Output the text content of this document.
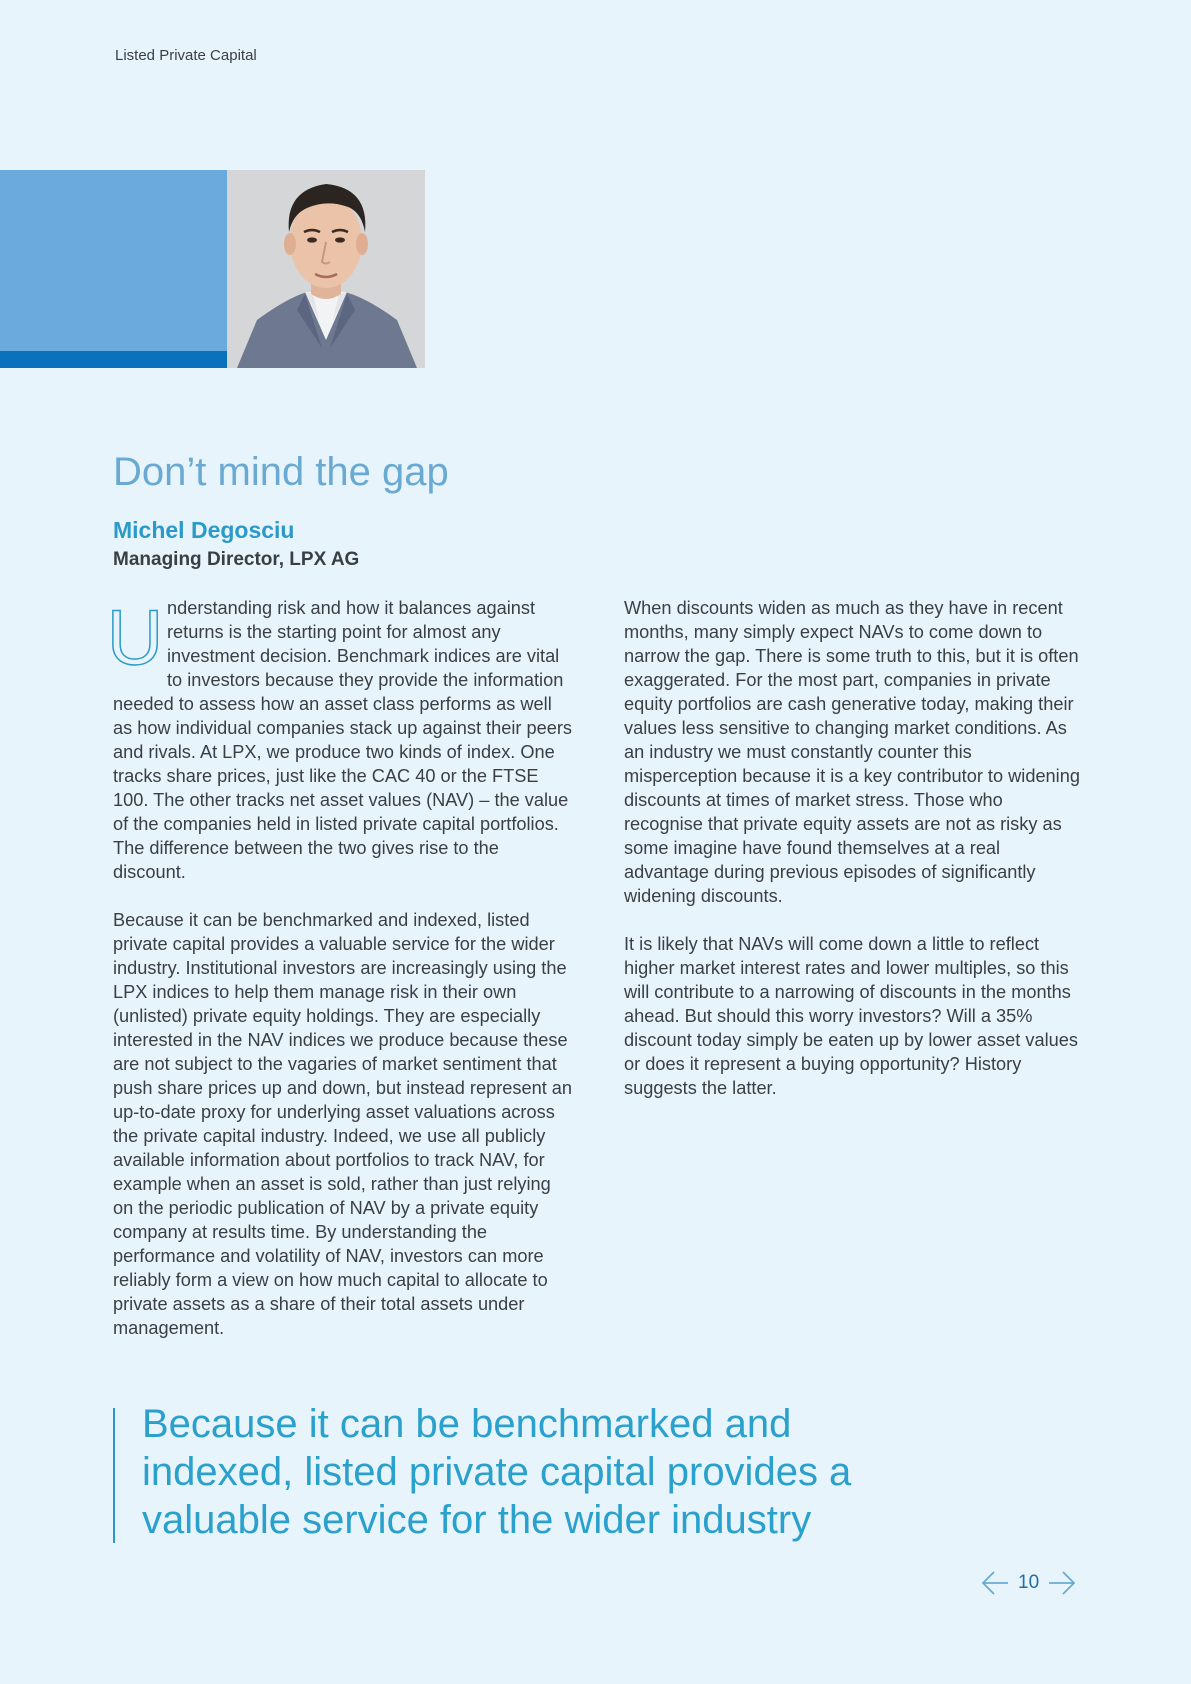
Listed Private Capital
Don’t mind the gap
Michel Degosciu
Managing Director, LPX AG

U nderstanding risk and how it balances against returns is the starting point for almost any investment decision. Benchmark indices are vital to investors because they provide the information needed to assess how an asset class performs as well as how individual companies stack up against their peers and rivals. At LPX, we produce two kinds of index. One tracks share prices, just like the CAC 40 or the FTSE 100. The other tracks net asset values (NAV) – the value of the companies held in listed private capital portfolios. The difference between the two gives rise to the discount.

Because it can be benchmarked and indexed, listed private capital provides a valuable service for the wider industry. Institutional investors are increasingly using the LPX indices to help them manage risk in their own (unlisted) private equity holdings. They are especially interested in the NAV indices we produce because these are not subject to the vagaries of market sentiment that push share prices up and down, but instead represent an up-to-date proxy for underlying asset valuations across the private capital industry. Indeed, we use all publicly available information about portfolios to track NAV, for example when an asset is sold, rather than just relying on the periodic publication of NAV by a private equity company at results time. By understanding the performance and volatility of NAV, investors can more reliably form a view on how much capital to allocate to private assets as a share of their total assets under management.

When discounts widen as much as they have in recent months, many simply expect NAVs to come down to narrow the gap. There is some truth to this, but it is often exaggerated. For the most part, companies in private equity portfolios are cash generative today, making their values less sensitive to changing market conditions. As an industry we must constantly counter this misperception because it is a key contributor to widening discounts at times of market stress. Those who recognise that private equity assets are not as risky as some imagine have found themselves at a real advantage during previous episodes of significantly widening discounts.

It is likely that NAVs will come down a little to reflect higher market interest rates and lower multiples, so this will contribute to a narrowing of discounts in the months ahead. But should this worry investors? Will a 35% discount today simply be eaten up by lower asset values or does it represent a buying opportunity? History suggests the latter.

Because it can be benchmarked and indexed, listed private capital provides a valuable service for the wider industry

10
